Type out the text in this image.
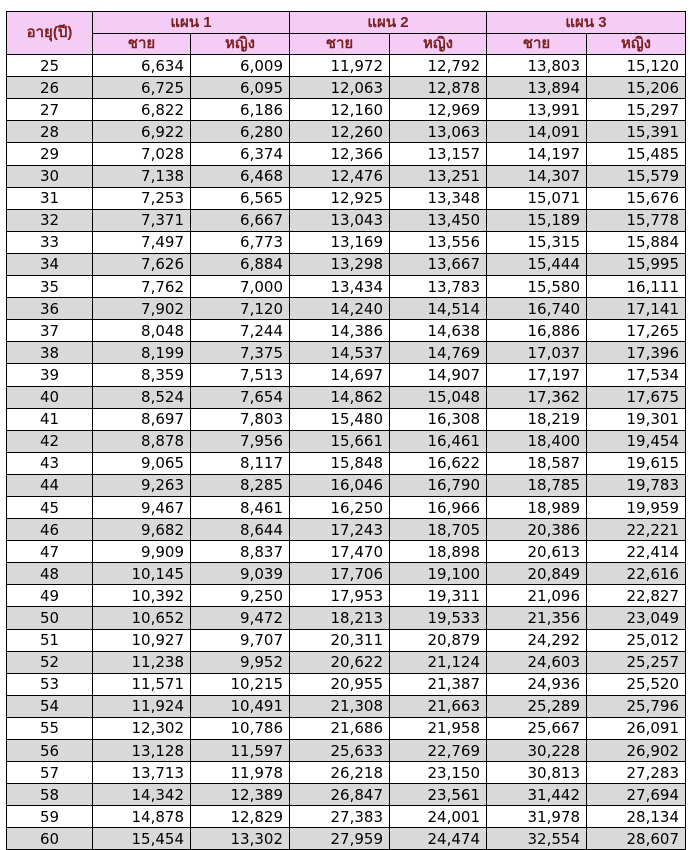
อายุ(ปี)	แผน 1		แผน 2		แผน 3	
	ชาย	หญิง	ชาย	หญิง	ชาย	หญิง
25	6,634	6,009	11,972	12,792	13,803	15,120
26	6,725	6,095	12,063	12,878	13,894	15,206
27	6,822	6,186	12,160	12,969	13,991	15,297
28	6,922	6,280	12,260	13,063	14,091	15,391
29	7,028	6,374	12,366	13,157	14,197	15,485
30	7,138	6,468	12,476	13,251	14,307	15,579
31	7,253	6,565	12,925	13,348	15,071	15,676
32	7,371	6,667	13,043	13,450	15,189	15,778
33	7,497	6,773	13,169	13,556	15,315	15,884
34	7,626	6,884	13,298	13,667	15,444	15,995
35	7,762	7,000	13,434	13,783	15,580	16,111
36	7,902	7,120	14,240	14,514	16,740	17,141
37	8,048	7,244	14,386	14,638	16,886	17,265
38	8,199	7,375	14,537	14,769	17,037	17,396
39	8,359	7,513	14,697	14,907	17,197	17,534
40	8,524	7,654	14,862	15,048	17,362	17,675
41	8,697	7,803	15,480	16,308	18,219	19,301
42	8,878	7,956	15,661	16,461	18,400	19,454
43	9,065	8,117	15,848	16,622	18,587	19,615
44	9,263	8,285	16,046	16,790	18,785	19,783
45	9,467	8,461	16,250	16,966	18,989	19,959
46	9,682	8,644	17,243	18,705	20,386	22,221
47	9,909	8,837	17,470	18,898	20,613	22,414
48	10,145	9,039	17,706	19,100	20,849	22,616
49	10,392	9,250	17,953	19,311	21,096	22,827
50	10,652	9,472	18,213	19,533	21,356	23,049
51	10,927	9,707	20,311	20,879	24,292	25,012
52	11,238	9,952	20,622	21,124	24,603	25,257
53	11,571	10,215	20,955	21,387	24,936	25,520
54	11,924	10,491	21,308	21,663	25,289	25,796
55	12,302	10,786	21,686	21,958	25,667	26,091
56	13,128	11,597	25,633	22,769	30,228	26,902
57	13,713	11,978	26,218	23,150	30,813	27,283
58	14,342	12,389	26,847	23,561	31,442	27,694
59	14,878	12,829	27,383	24,001	31,978	28,134
60	15,454	13,302	27,959	24,474	32,554	28,607
